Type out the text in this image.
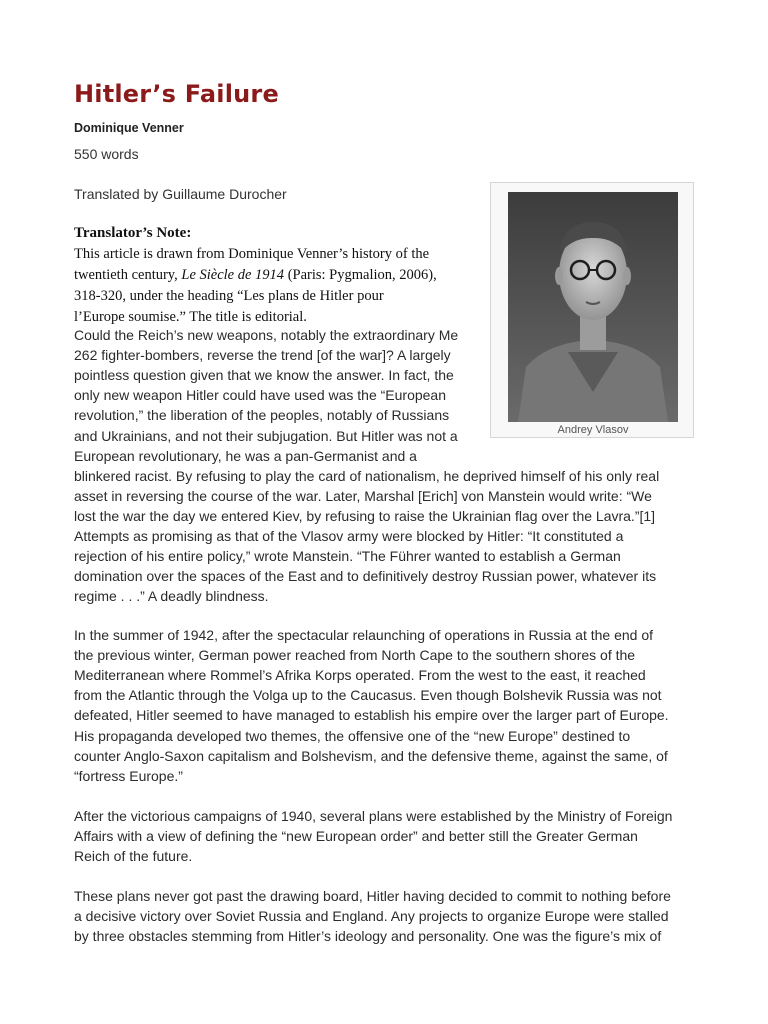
Hitler’s Failure
Dominique Venner
550 words
Translated by Guillaume Durocher
Andrey Vlasov
Translator’s Note:
This article is drawn from Dominique Venner’s history of the
twentieth century, Le Siècle de 1914 (Paris: Pygmalion, 2006),
318-320, under the heading “Les plans de Hitler pour
l’Europe soumise.” The title is editorial.
Could the Reich’s new weapons, notably the extraordinary Me
262 fighter-bombers, reverse the trend [of the war]? A largely
pointless question given that we know the answer. In fact, the
only new weapon Hitler could have used was the “European
revolution,” the liberation of the peoples, notably of Russians
and Ukrainians, and not their subjugation. But Hitler was not a
European revolutionary, he was a pan-Germanist and a
blinkered racist. By refusing to play the card of nationalism, he deprived himself of his only real
asset in reversing the course of the war. Later, Marshal [Erich] von Manstein would write: “We
lost the war the day we entered Kiev, by refusing to raise the Ukrainian flag over the Lavra.”[1]
Attempts as promising as that of the Vlasov army were blocked by Hitler: “It constituted a
rejection of his entire policy,” wrote Manstein. “The Führer wanted to establish a German
domination over the spaces of the East and to definitively destroy Russian power, whatever its
regime . . .” A deadly blindness.
In the summer of 1942, after the spectacular relaunching of operations in Russia at the end of
the previous winter, German power reached from North Cape to the southern shores of the
Mediterranean where Rommel’s Afrika Korps operated. From the west to the east, it reached
from the Atlantic through the Volga up to the Caucasus. Even though Bolshevik Russia was not
defeated, Hitler seemed to have managed to establish his empire over the larger part of Europe.
His propaganda developed two themes, the offensive one of the “new Europe” destined to
counter Anglo-Saxon capitalism and Bolshevism, and the defensive theme, against the same, of
“fortress Europe.”
After the victorious campaigns of 1940, several plans were established by the Ministry of Foreign
Affairs with a view of defining the “new European order” and better still the Greater German
Reich of the future.
These plans never got past the drawing board, Hitler having decided to commit to nothing before
a decisive victory over Soviet Russia and England. Any projects to organize Europe were stalled
by three obstacles stemming from Hitler’s ideology and personality. One was the figure’s mix of
